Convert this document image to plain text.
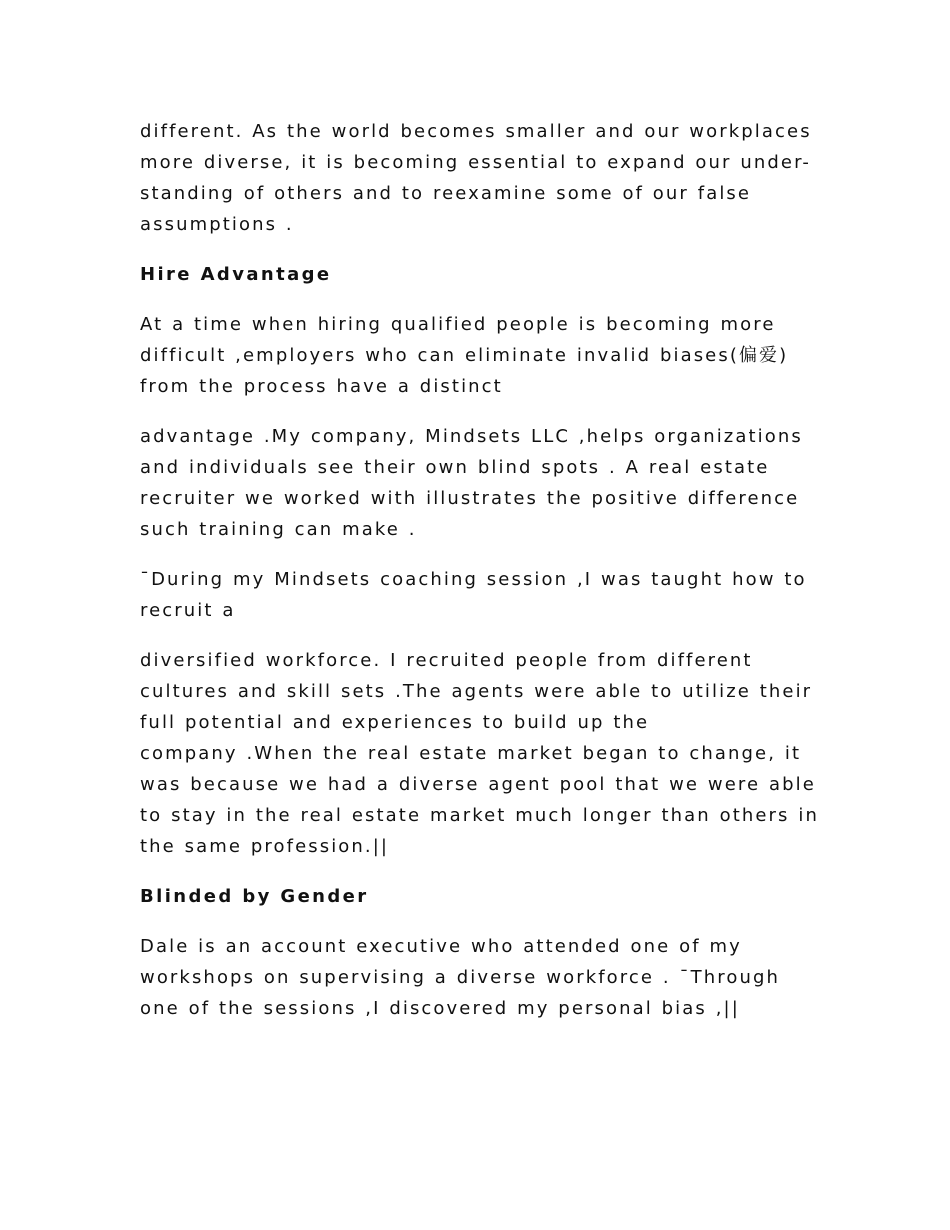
different. As the world becomes smaller and our workplaces
more diverse, it is becoming essential to expand our under-
standing of others and to reexamine some of our false
assumptions .

Hire Advantage

At a time when hiring qualified people is becoming more
difficult ,employers who can eliminate invalid biases(偏爱)
from the process have a distinct

advantage .My company, Mindsets LLC ,helps organizations
and individuals see their own blind spots . A real estate
recruiter we worked with illustrates the positive difference
such training can make .

¯During my Mindsets coaching session ,I was taught how to
recruit a

diversified workforce. I recruited people from different
cultures and skill sets .The agents were able to utilize their
full potential and experiences to build up the
company .When the real estate market began to change, it
was because we had a diverse agent pool that we were able
to stay in the real estate market much longer than others in
the same profession.||

Blinded by Gender

Dale is an account executive who attended one of my
workshops on supervising a diverse workforce . ¯Through
one of the sessions ,I discovered my personal bias ,||
